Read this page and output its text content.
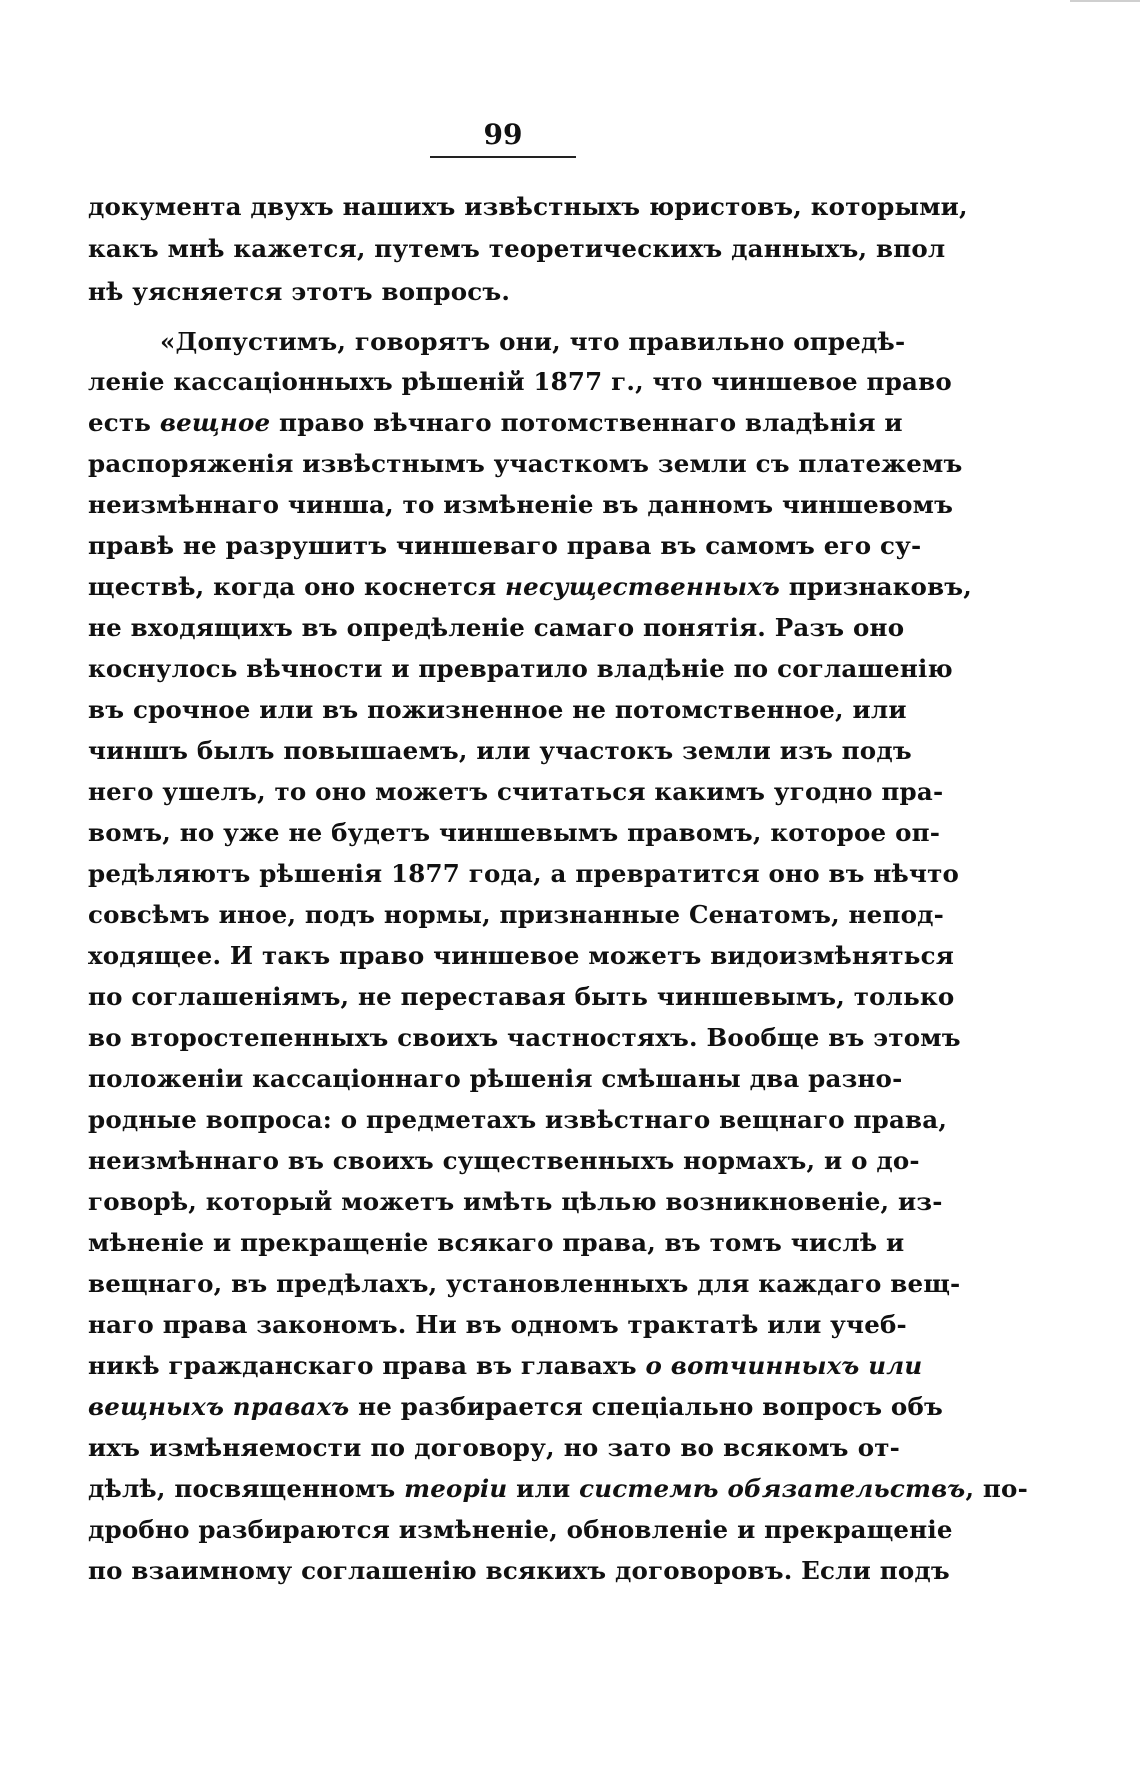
99
документа двухъ нашихъ извѣстныхъ юристовъ, которыми,
какъ мнѣ кажется, путемъ теоретическихъ данныхъ, впол
нѣ уясняется этотъ вопросъ.
«Допустимъ, говорятъ они, что правильно опредѣ-
леніе кассаціонныхъ рѣшеній 1877 г., что чиншевое право
есть вещное право вѣчнаго потомственнаго владѣнія и
распоряженія извѣстнымъ участкомъ земли съ платежемъ
неизмѣннаго чинша, то измѣненіе въ данномъ чиншевомъ
правѣ не разрушитъ чиншеваго права въ самомъ его су-
ществѣ, когда оно коснется несущественныхъ признаковъ,
не входящихъ въ опредѣленіе самаго понятія. Разъ оно
коснулось вѣчности и превратило владѣніе по соглашенію
въ срочное или въ пожизненное не потомственное, или
чиншъ былъ повышаемъ, или участокъ земли изъ подъ
него ушелъ, то оно можетъ считаться какимъ угодно пра-
вомъ, но уже не будетъ чиншевымъ правомъ, которое оп-
редѣляютъ рѣшенія 1877 года, а превратится оно въ нѣчто
совсѣмъ иное, подъ нормы, признанные Сенатомъ, непод-
ходящее. И такъ право чиншевое можетъ видоизмѣняться
по соглашеніямъ, не переставая быть чиншевымъ, только
во второстепенныхъ своихъ частностяхъ. Вообще въ этомъ
положеніи кассаціоннаго рѣшенія смѣшаны два разно-
родные вопроса: о предметахъ извѣстнаго вещнаго права,
неизмѣннаго въ своихъ существенныхъ нормахъ, и о до-
говорѣ, который можетъ имѣть цѣлью возникновеніе, из-
мѣненіе и прекращеніе всякаго права, въ томъ числѣ и
вещнаго, въ предѣлахъ, установленныхъ для каждаго вещ-
наго права закономъ. Ни въ одномъ трактатѣ или учеб-
никѣ гражданскаго права въ главахъ о вотчинныхъ или
вещныхъ правахъ не разбирается спеціально вопросъ объ
ихъ измѣняемости по договору, но зато во всякомъ от-
дѣлѣ, посвященномъ теоріи или системѣ обязательствъ, по-
дробно разбираются измѣненіе, обновленіе и прекращеніе
по взаимному соглашенію всякихъ договоровъ. Если подъ
